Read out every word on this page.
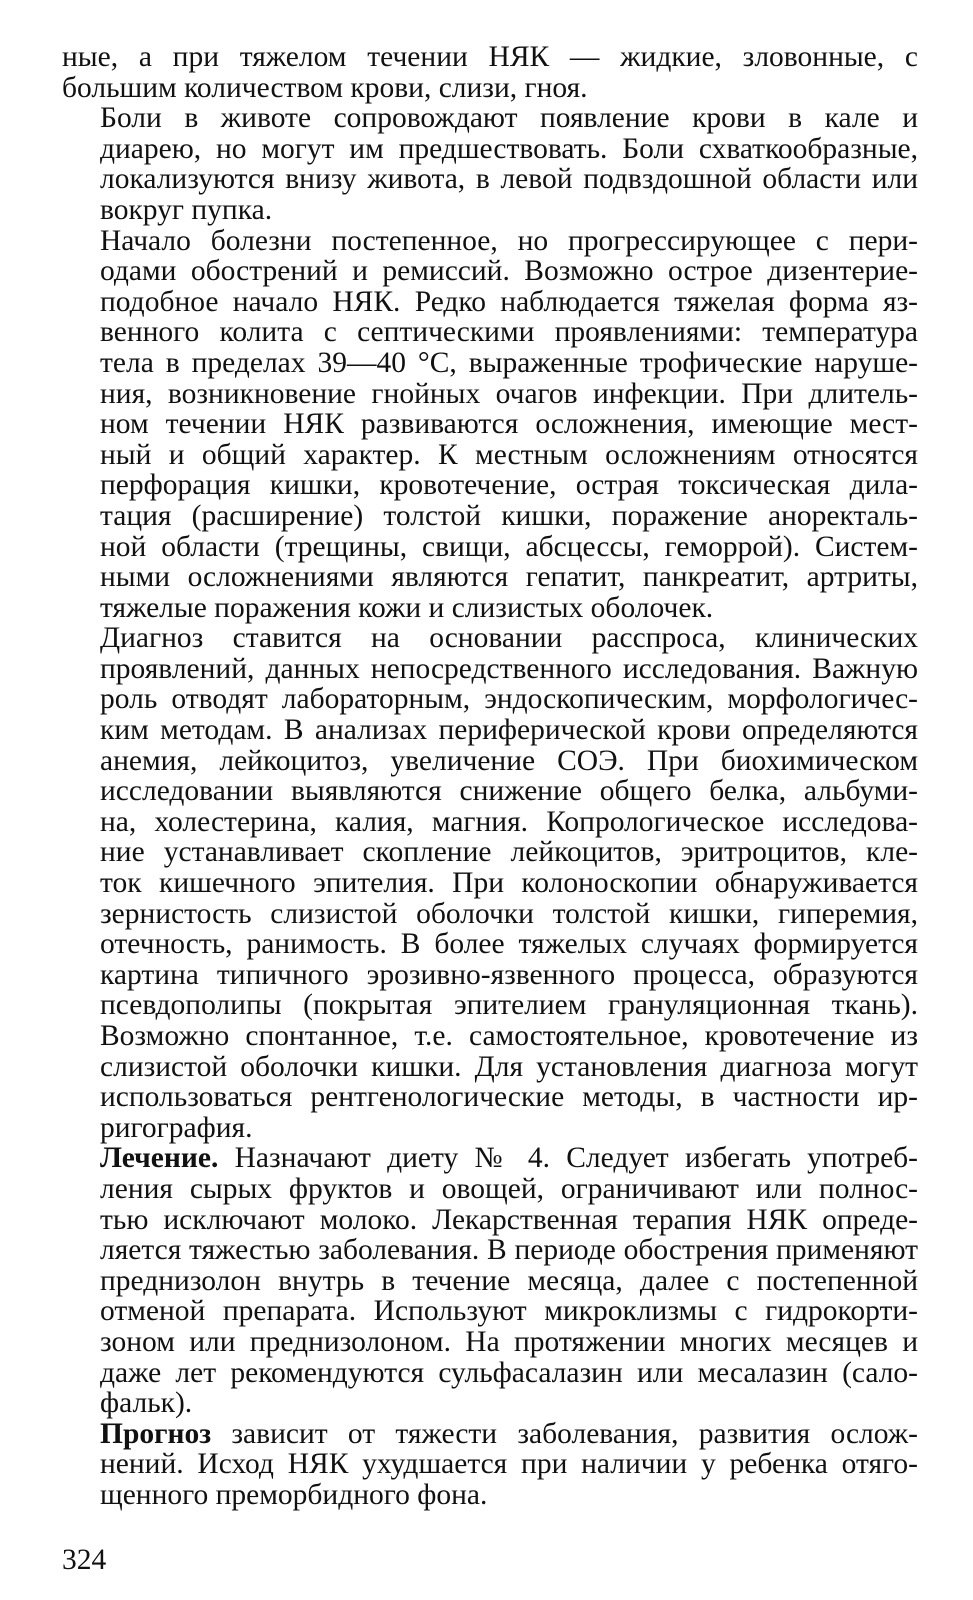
ные, а при тяжелом течении НЯК — жидкие, зловонные, с
большим количеством крови, слизи, гноя.

Боли в животе сопровождают появление крови в кале и
диарею, но могут им предшествовать. Боли схваткообразные,
локализуются внизу живота, в левой подвздошной области или
вокруг пупка.

Начало болезни постепенное, но прогрессирующее с пери-
одами обострений и ремиссий. Возможно острое дизентерие-
подобное начало НЯК. Редко наблюдается тяжелая форма яз-
венного колита с септическими проявлениями: температура
тела в пределах 39—40 °С, выраженные трофические наруше-
ния, возникновение гнойных очагов инфекции. При длитель-
ном течении НЯК развиваются осложнения, имеющие мест-
ный и общий характер. К местным осложнениям относятся
перфорация кишки, кровотечение, острая токсическая дила-
тация (расширение) толстой кишки, поражение аноректаль-
ной области (трещины, свищи, абсцессы, геморрой). Систем-
ными осложнениями являются гепатит, панкреатит, артриты,
тяжелые поражения кожи и слизистых оболочек.

Диагноз ставится на основании расспроса, клинических
проявлений, данных непосредственного исследования. Важную
роль отводят лабораторным, эндоскопическим, морфологичес-
ким методам. В анализах периферической крови определяются
анемия, лейкоцитоз, увеличение СОЭ. При биохимическом
исследовании выявляются снижение общего белка, альбуми-
на, холестерина, калия, магния. Копрологическое исследова-
ние устанавливает скопление лейкоцитов, эритроцитов, кле-
ток кишечного эпителия. При колоноскопии обнаруживается
зернистость слизистой оболочки толстой кишки, гиперемия,
отечность, ранимость. В более тяжелых случаях формируется
картина типичного эрозивно-язвенного процесса, образуются
псевдополипы (покрытая эпителием грануляционная ткань).
Возможно спонтанное, т.е. самостоятельное, кровотечение из
слизистой оболочки кишки. Для установления диагноза могут
использоваться рентгенологические методы, в частности ир-
ригография.

Лечение. Назначают диету № 4. Следует избегать употреб-
ления сырых фруктов и овощей, ограничивают или полнос-
тью исключают молоко. Лекарственная терапия НЯК опреде-
ляется тяжестью заболевания. В периоде обострения применяют
преднизолон внутрь в течение месяца, далее с постепенной
отменой препарата. Используют микроклизмы с гидрокорти-
зоном или преднизолоном. На протяжении многих месяцев и
даже лет рекомендуются сульфасалазин или месалазин (сало-
фальк).

Прогноз зависит от тяжести заболевания, развития ослож-
нений. Исход НЯК ухудшается при наличии у ребенка отяго-
щенного преморбидного фона.

324
